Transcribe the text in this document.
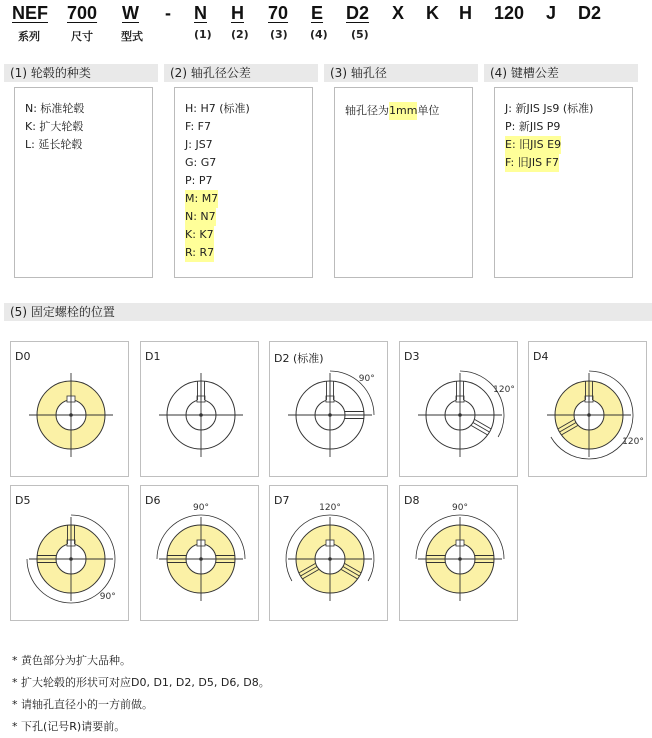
NEF 700 W - N H 70 E D2 X K H 120 J D2
系列	尺寸	型式	(1) (2) (3) (4) (5)
(1) 轮毂的种类	(2) 轴孔径公差	(3) 轴孔径	(4) 键槽公差
N: 标准轮毂
K: 扩大轮毂
L: 延长轮毂
H: H7 (标准)
F: F7
J: JS7
G: G7
P: P7
M: M7
N: N7
K: K7
R: R7
轴孔径为1mm单位	J: 新JIS Js9 (标准)
P: 新JIS P9
E: 旧JIS E9
F: 旧JIS F7
(5) 固定螺栓的位置
D0	D1	D2 (标准)
90°
D3
120°
D4
120°
D5
90°
D6
90°
D7
120°
D8
90°
* 黄色部分为扩大品种。
* 扩大轮毂的形状可对应D0, D1, D2, D5, D6, D8。
* 请轴孔直径小的一方前做。
* 下孔(记号R)请要前。
